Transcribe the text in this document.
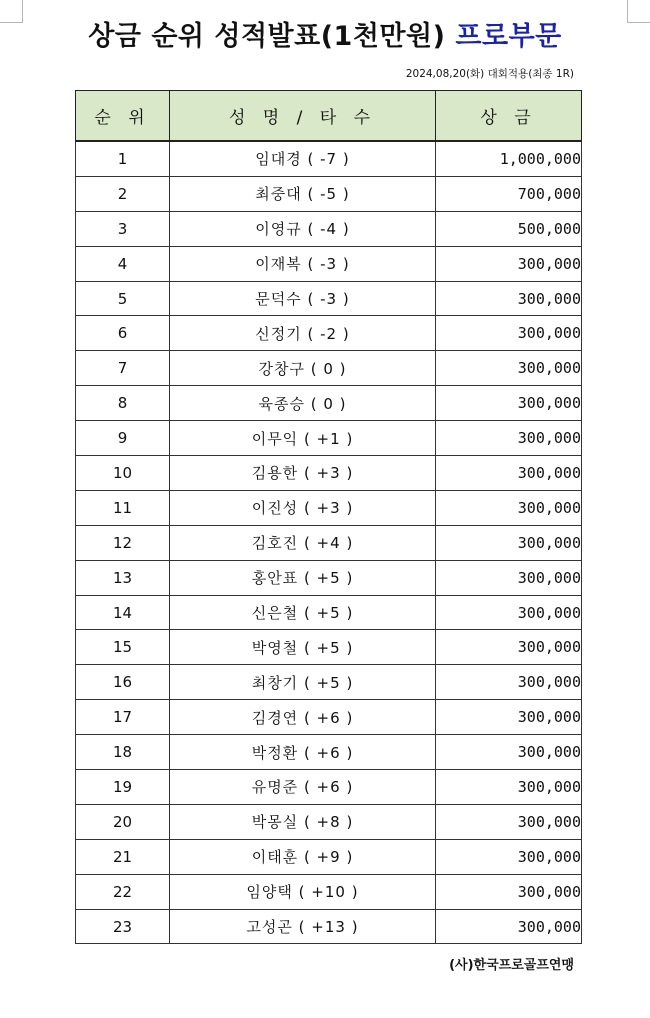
상금 순위 성적발표(1천만원) 프로부문
2024,08,20(화) 대회적용(최종 1R)
순 위	성 명 / 타 수	상 금
1	임대경 ( -7 )	1,000,000
2	최중대 ( -5 )	700,000
3	이영규 ( -4 )	500,000
4	이재복 ( -3 )	300,000
5	문덕수 ( -3 )	300,000
6	신정기 ( -2 )	300,000
7	강창구 ( 0 )	300,000
8	육종승 ( 0 )	300,000
9	이무익 ( +1 )	300,000
10	김용한 ( +3 )	300,000
11	이진성 ( +3 )	300,000
12	김호진 ( +4 )	300,000
13	홍안표 ( +5 )	300,000
14	신은철 ( +5 )	300,000
15	박영철 ( +5 )	300,000
16	최창기 ( +5 )	300,000
17	김경연 ( +6 )	300,000
18	박정환 ( +6 )	300,000
19	유명준 ( +6 )	300,000
20	박몽실 ( +8 )	300,000
21	이태훈 ( +9 )	300,000
22	임양택 ( +10 )	300,000
23	고성곤 ( +13 )	300,000
(사)한국프로골프연맹
